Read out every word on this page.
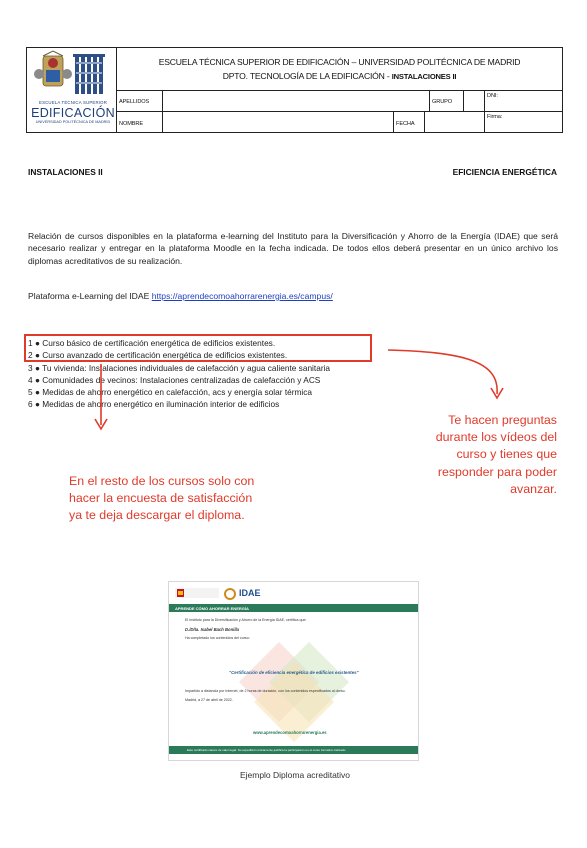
ESCUELA TÉCNICA SUPERIOR
EDIFICACIÓN
UNIVERSIDAD POLITÉCNICA DE MADRID
ESCUELA TÉCNICA SUPERIOR DE EDIFICACIÓN – UNIVERSIDAD POLITÉCNICA DE MADRID
DPTO. TECNOLOGÍA DE LA EDIFICACIÓN - INSTALACIONES II
APELLIDOS	GRUPO
DNI:
NOMBRE	FECHA
Firma:
INSTALACIONES II	EFICIENCIA ENERGÉTICA
Relación de cursos disponibles en la plataforma e-learning del Instituto para la Diversificación y Ahorro de la Energía (IDAE) que será necesario realizar y entregar en la plataforma Moodle en la fecha indicada. De todos ellos deberá presentar en un único archivo los diplomas acreditativos de su realización.
Plataforma e-Learning del IDAE https://aprendecomoahorrarenergia.es/campus/
1 ● Curso básico de certificación energética de edificios existentes.
2 ● Curso avanzado de certificación energética de edificios existentes.
3 ● Tu vivienda: Instalaciones individuales de calefacción y agua caliente sanitaria
4 ● Comunidades de vecinos: Instalaciones centralizadas de calefacción y ACS
5 ● Medidas de ahorro energético en calefacción, acs y energía solar térmica
6 ● Medidas de ahorro energético en iluminación interior de edificios
Te hacen preguntas
durante los vídeos del
curso y tienes que
responder para poder
avanzar.
En el resto de los cursos solo con
hacer la encuesta de satisfacción
ya te deja descargar el diploma.
IDAE
APRENDE CÓMO AHORRAR ENERGÍA
El Instituto para la Diversificación y Ahorro de la Energía IDAE, certifica que:
D./Dña. Isabel Bach Bonilla
Ha completado los contenidos del curso:
"Certificación de eficiencia energética de edificios existentes"
Impartido a distancia por Internet, de 2 horas de duración, con los contenidos especificados al dorso.
Madrid, a 27 de abril de 2022.
www.aprendecomoahorrarenergia.es
Este certificado carece de valor legal. Su expedición únicamente justifica la participación en el curso formativo indicado.
Ejemplo Diploma acreditativo
